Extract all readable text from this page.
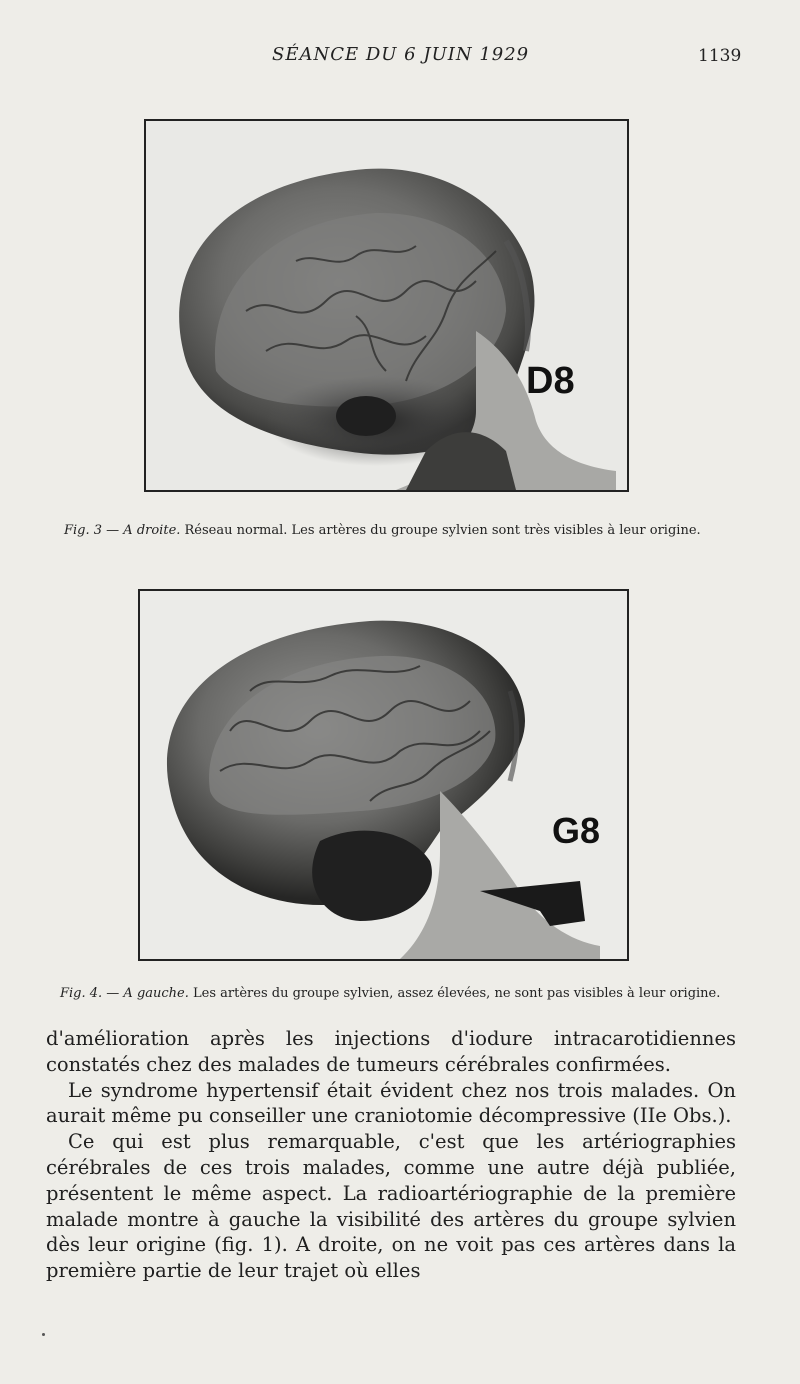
SÉANCE DU 6 JUIN 1929	1139
D8
Fig. 3 — A droite. Réseau normal. Les artères du groupe sylvien sont très visibles à leur origine.
G8
Fig. 4. — A gauche. Les artères du groupe sylvien, assez élevées, ne sont pas visibles à leur origine.

d'amélioration après les injections d'iodure intracarotidiennes constatés chez des malades de tumeurs cérébrales confirmées.

Le syndrome hypertensif était évident chez nos trois malades. On aurait même pu conseiller une craniotomie décompressive (IIe Obs.).

Ce qui est plus remarquable, c'est que les artériographies cérébrales de ces trois malades, comme une autre déjà publiée, présentent le même aspect. La radioartériographie de la première malade montre à gauche la visibilité des artères du groupe sylvien dès leur origine (fig. 1). A droite, on ne voit pas ces artères dans la première partie de leur trajet où elles
